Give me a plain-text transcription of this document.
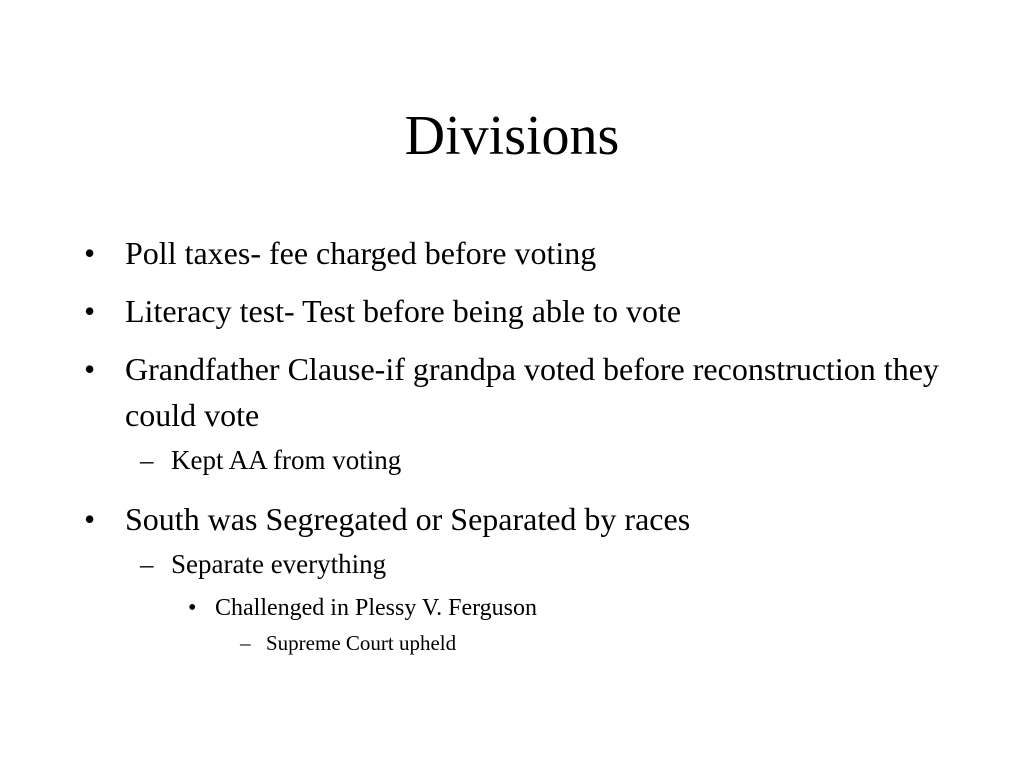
Divisions
• Poll taxes- fee charged before voting
• Literacy test- Test before being able to vote
• Grandfather Clause-if grandpa voted before reconstruction they could vote
– Kept AA from voting
• South was Segregated or Separated by races
– Separate everything
• Challenged in Plessy V. Ferguson
– Supreme Court upheld
